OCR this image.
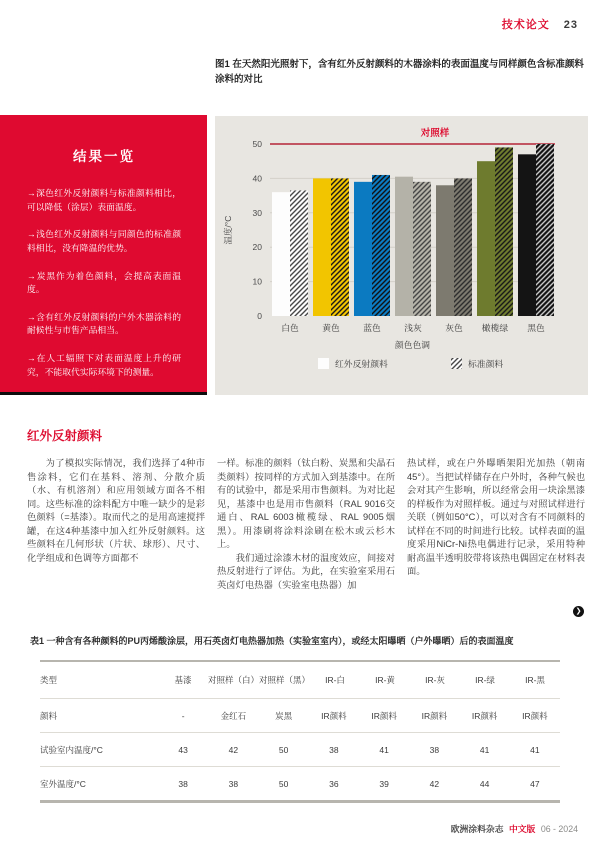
技术论文 23
图1 在天然阳光照射下，含有红外反射颜料的木器涂料的表面温度与同样颜色含标准颜料涂料的对比
结果一览
→深色红外反射颜料与标准颜料相比，可以降低（涂层）表面温度。
→浅色红外反射颜料与同颜色的标准颜料相比，没有降温的优势。
→炭黑作为着色颜料，会提高表面温度。
→含有红外反射颜料的户外木器涂料的耐候性与市售产品相当。
→在人工辐照下对表面温度上升的研究，不能取代实际环境下的测量。
0
10
20
30
40
50
对照样
白色	黄色	蓝色	浅灰	灰色 橄榄绿 黑色
颜色色调
温度/°C
红外反射颜料	标准颜料
红外反射颜料

为了模拟实际情况，我们选择了4种市售涂料，它们在基料、溶剂、分散介质（水、有机溶剂）和应用领域方面各不相同。这些标准的涂料配方中唯一缺少的是彩色颜料（=基漆）。取而代之的是用高速搅拌罐，在这4种基漆中加入红外反射颜料。这些颜料在几何形状（片状、球形）、尺寸、化学组成和色调等方面都不

一样。标准的颜料（钛白粉、炭黑和尖晶石类颜料）按同样的方式加入到基漆中。在所有的试验中，都是采用市售颜料。为对比起见，基漆中也是用市售颜料（RAL 9016交通白、RAL 6003橄榄绿、RAL 9005烟黑）。用漆刷将涂料涂刷在松木或云杉木上。

我们通过涂漆木材的温度效应，间接对热反射进行了评估。为此，在实验室采用石英卤灯电热器（实验室电热器）加

热试样，或在户外曝晒架阳光加热（朝南45°）。当把试样储存在户外时，各种气候也会对其产生影响，所以经常会用一块涂黑漆的样板作为对照样板。通过与对照试样进行关联（例如50°C），可以对含有不同颜料的试样在不同的时间进行比较。试样表面的温度采用NiCr-Ni热电偶进行记录，采用特种耐高温半透明胶带将该热电偶固定在材料表面。

❯
表1 一种含有各种颜料的PU丙烯酸涂层，用石英卤灯电热器加热（实验室室内），或经太阳曝晒（户外曝晒）后的表面温度
类型	基漆	对照样（白） 对照样（黑）	IR-白	IR-黄	IR-灰	IR-绿	IR-黑
颜料	-	金红石	炭黑	IR颜料	IR颜料	IR颜料	IR颜料	IR颜料
试验室内温度/°C	43	42	50	38	41	38	41	41
室外温度/°C	38	38	50	36	39	42	44	47
欧洲涂料杂志 中文版 06 - 2024
